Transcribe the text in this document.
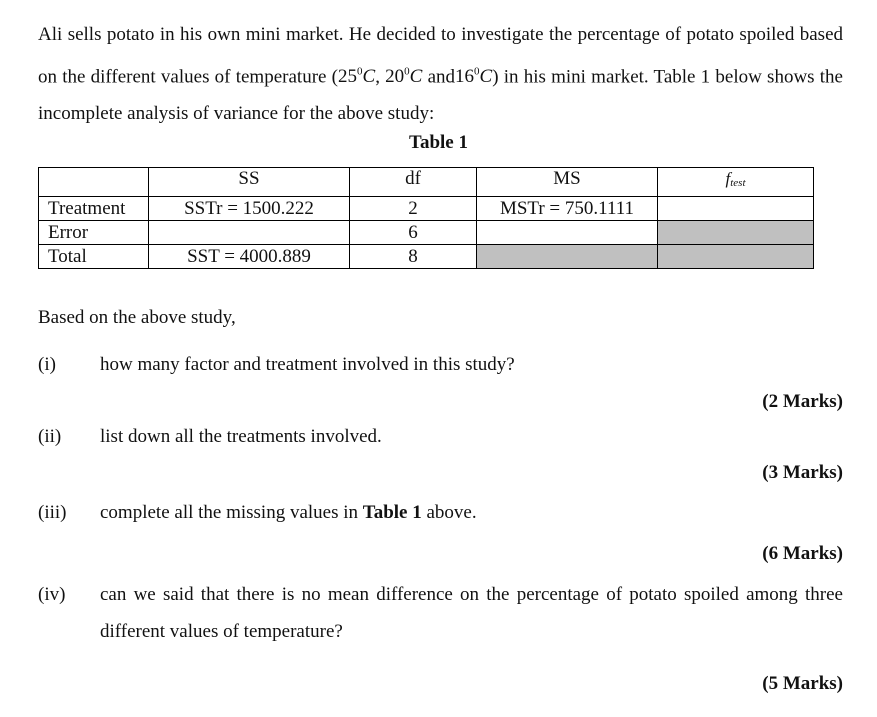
Ali sells potato in his own mini market. He decided to investigate the percentage of potato spoiled based on the different values of temperature ($25^0C$, $20^0C$ $and16^0C$) in his mini market. Table 1 below shows the incomplete analysis of variance for the above study:
Table 1
	SS	df	MS	$f_{test}$
Treatment	SSTr = 1500.222	2	MSTr = 750.1111	
Error		6		
Total	SST = 4000.889	8		
Based on the above study,
(i) how many factor and treatment involved in this study?
(2 Marks)
(ii) list down all the treatments involved.
(3 Marks)
(iii) complete all the missing values in Table 1 above.
(6 Marks)
(iv) can we said that there is no mean difference on the percentage of potato spoiled among three different values of temperature?
(5 Marks)
